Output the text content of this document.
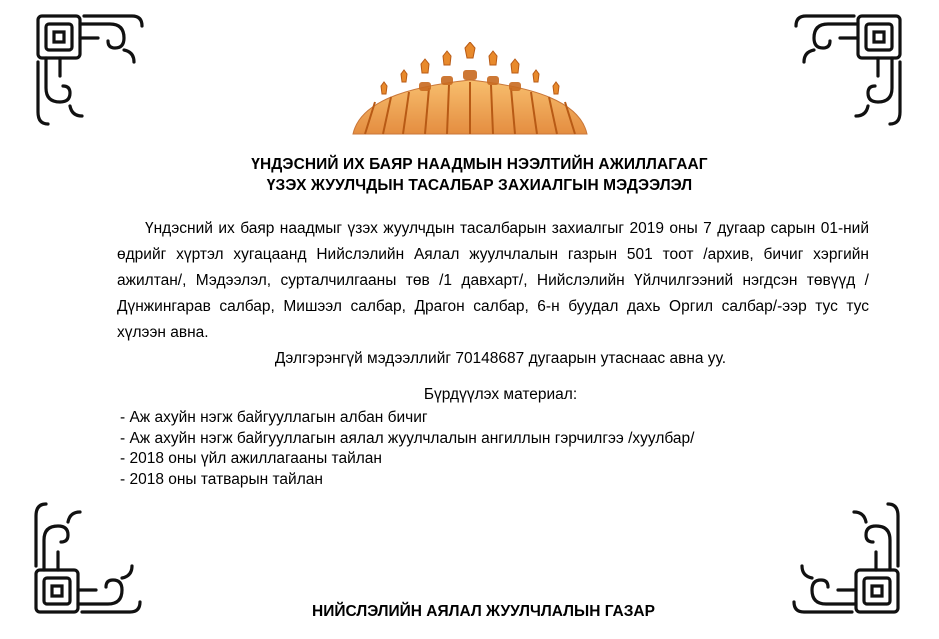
ҮНДЭСНИЙ ИХ БАЯР НААДМЫН НЭЭЛТИЙН АЖИЛЛАГААГ
ҮЗЭХ ЖУУЛЧДЫН ТАСАЛБАР ЗАХИАЛГЫН МЭДЭЭЛЭЛ

Үндэсний их баяр наадмыг үзэх жуулчдын тасалбарын захиалгыг 2019 оны 7 дугаар сарын 01-ний өдрийг хүртэл хугацаанд Нийслэлийн Аялал жуулчлалын газрын 501 тоот /архив, бичиг хэргийн ажилтан/, Мэдээлэл, сурталчилгааны төв /1 давхарт/, Нийслэлийн Үйлчилгээний нэгдсэн төвүүд /Дүнжингарав салбар, Мишээл салбар, Драгон салбар, 6-н буудал дахь Оргил салбар/-ээр тус тус хүлээн авна.

Дэлгэрэнгүй мэдээллийг 70148687 дугаарын утаснаас авна уу.
Бүрдүүлэх материал:
- Аж ахуйн нэгж байгууллагын албан бичиг
- Аж ахуйн нэгж байгууллагын аялал жуулчлалын ангиллын гэрчилгээ /хуулбар/
- 2018 оны үйл ажиллагааны тайлан
- 2018 оны татварын тайлан
НИЙСЛЭЛИЙН АЯЛАЛ ЖУУЛЧЛАЛЫН ГАЗАР
